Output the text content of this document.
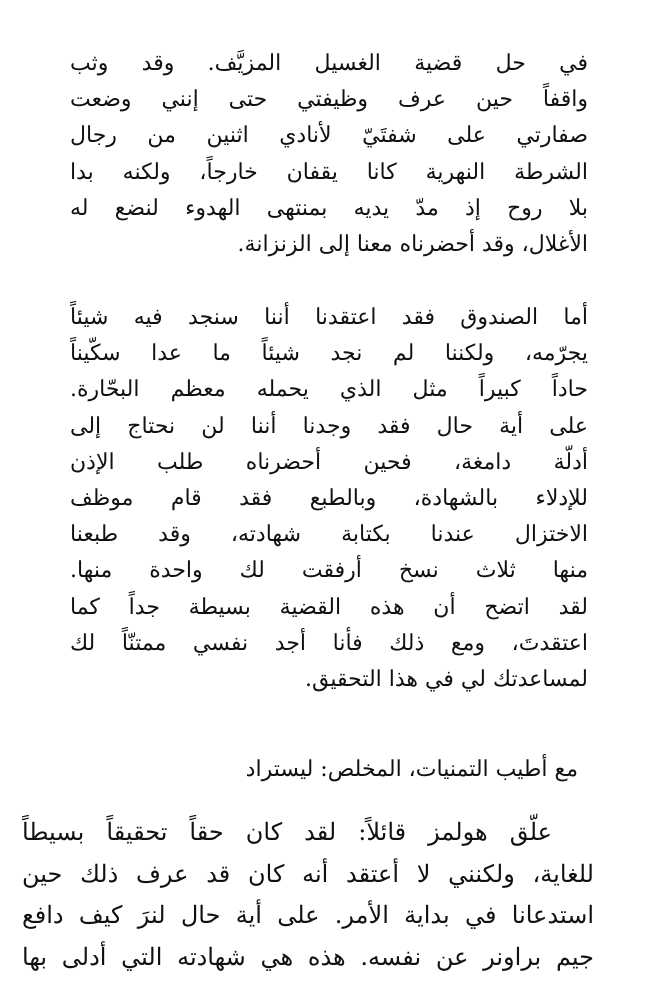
في حل قضية الغسيل المزيَّف. وقد وثب
واقفاً حين عرف وظيفتي حتى إنني وضعت
صفارتي على شفتَيّ لأنادي اثنين من رجال
الشرطة النهرية كانا يقفان خارجاً، ولكنه بدا
بلا روح إذ مدّ يديه بمنتهى الهدوء لنضع له
الأغلال، وقد أحضرناه معنا إلى الزنزانة.
أما الصندوق فقد اعتقدنا أننا سنجد فيه شيئاً
يجرّمه، ولكننا لم نجد شيئاً ما عدا سكّيناً
حاداً كبيراً مثل الذي يحمله معظم البحّارة.
على أية حال فقد وجدنا أننا لن نحتاج إلى
أدلّة دامغة، فحين أحضرناه طلب الإذن
للإدلاء بالشهادة، وبالطبع فقد قام موظف
الاختزال عندنا بكتابة شهادته، وقد طبعنا
منها ثلاث نسخ أرفقت لك واحدة منها.
لقد اتضح أن هذه القضية بسيطة جداً كما
اعتقدتَ، ومع ذلك فأنا أجد نفسي ممتنّاً لك
لمساعدتك لي في هذا التحقيق.
مع أطيب التمنيات، المخلص: ليستراد
علّق هولمز قائلاً: لقد كان حقاً تحقيقاً بسيطاً
للغاية، ولكنني لا أعتقد أنه كان قد عرف ذلك حين
استدعانا في بداية الأمر. على أية حال لنرَ كيف دافع
جيم براونر عن نفسه. هذه هي شهادته التي أدلى بها
